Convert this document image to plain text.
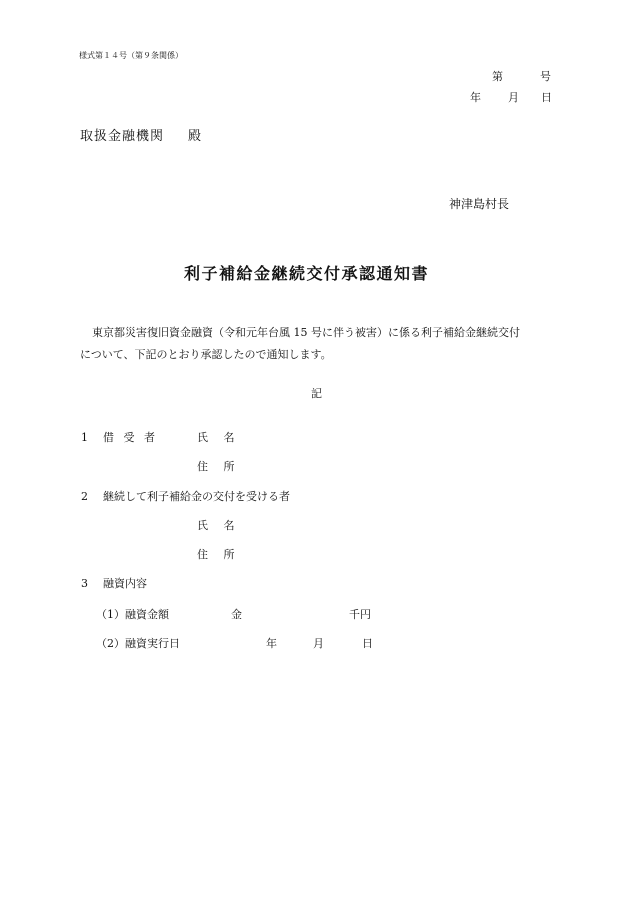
様式第１４号（第９条関係）
第	号
年 月 日
取扱金融機関 殿
神津島村長
利子補給金継続交付承認通知書
東京都災害復旧資金融資（令和元年台風 15 号に伴う被害）に係る利子補給金継続交付
について、下記のとおり承認したので通知します。
記
1 借 受 者	氏 名
住 所
2 継続して利子補給金の交付を受ける者
氏 名
住 所
3 融資内容
（1）融資金額	金	千円
（2）融資実行日	年	月	日
